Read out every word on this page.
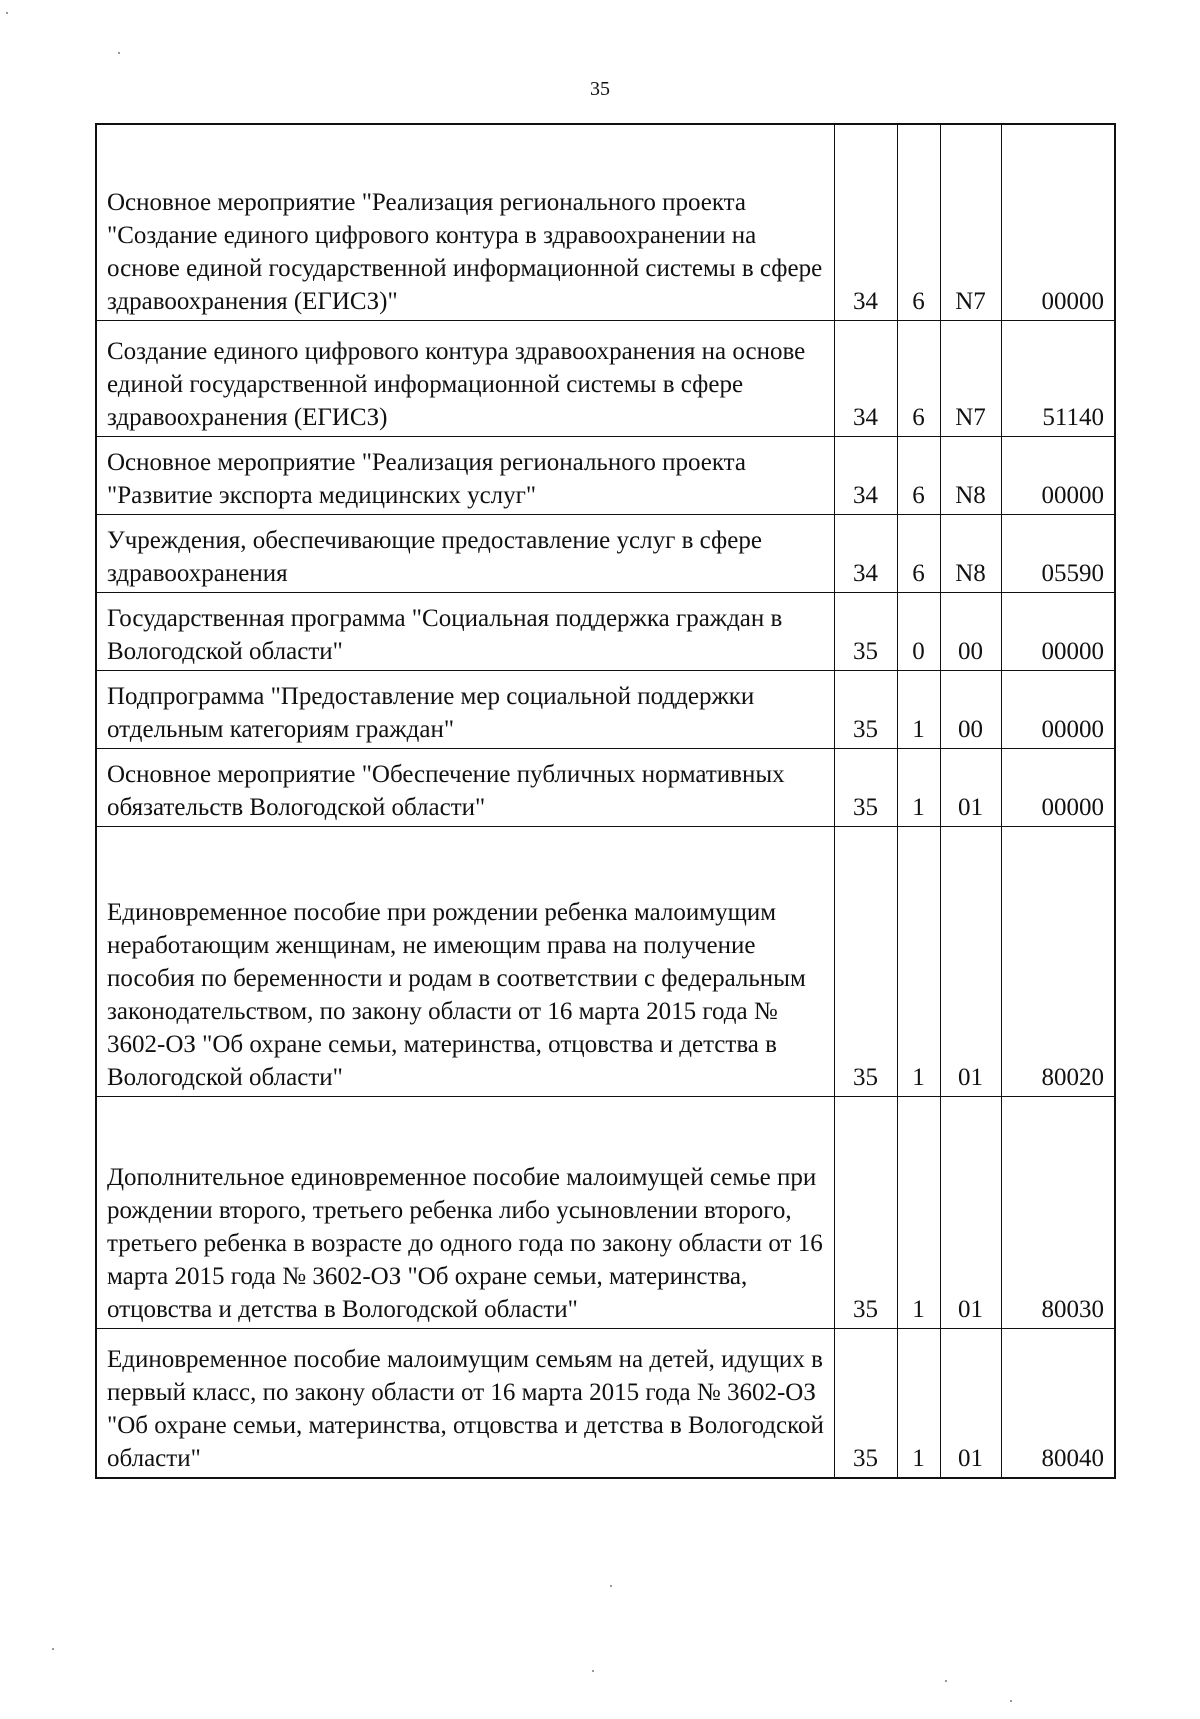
35
Основное мероприятие "Реализация регионального проекта "Создание единого цифрового контура в здравоохранении на основе единой государственной информационной системы в сфере здравоохранения (ЕГИСЗ)"	34	6	N7	00000
Создание единого цифрового контура здравоохранения на основе единой государственной информационной системы в сфере здравоохранения (ЕГИСЗ)	34	6	N7	51140
Основное мероприятие "Реализация регионального проекта "Развитие экспорта медицинских услуг"	34	6	N8	00000
Учреждения, обеспечивающие предоставление услуг в сфере здравоохранения	34	6	N8	05590
Государственная программа "Социальная поддержка граждан в Вологодской области"	35	0	00	00000
Подпрограмма "Предоставление мер социальной поддержки отдельным категориям граждан"	35	1	00	00000
Основное мероприятие "Обеспечение публичных нормативных обязательств Вологодской области"	35	1	01	00000
Единовременное пособие при рождении ребенка малоимущим неработающим женщинам, не имеющим права на получение пособия по беременности и родам в соответствии с федеральным законодательством, по закону области от 16 марта 2015 года № 3602-ОЗ "Об охране семьи, материнства, отцовства и детства в Вологодской области"	35	1	01	80020
Дополнительное единовременное пособие малоимущей семье при рождении второго, третьего ребенка либо усыновлении второго, третьего ребенка в возрасте до одного года по закону области от 16 марта 2015 года № 3602-ОЗ "Об охране семьи, материнства, отцовства и детства в Вологодской области"	35	1	01	80030
Единовременное пособие малоимущим семьям на детей, идущих в первый класс, по закону области от 16 марта 2015 года № 3602-ОЗ "Об охране семьи, материнства, отцовства и детства в Вологодской области"	35	1	01	80040
